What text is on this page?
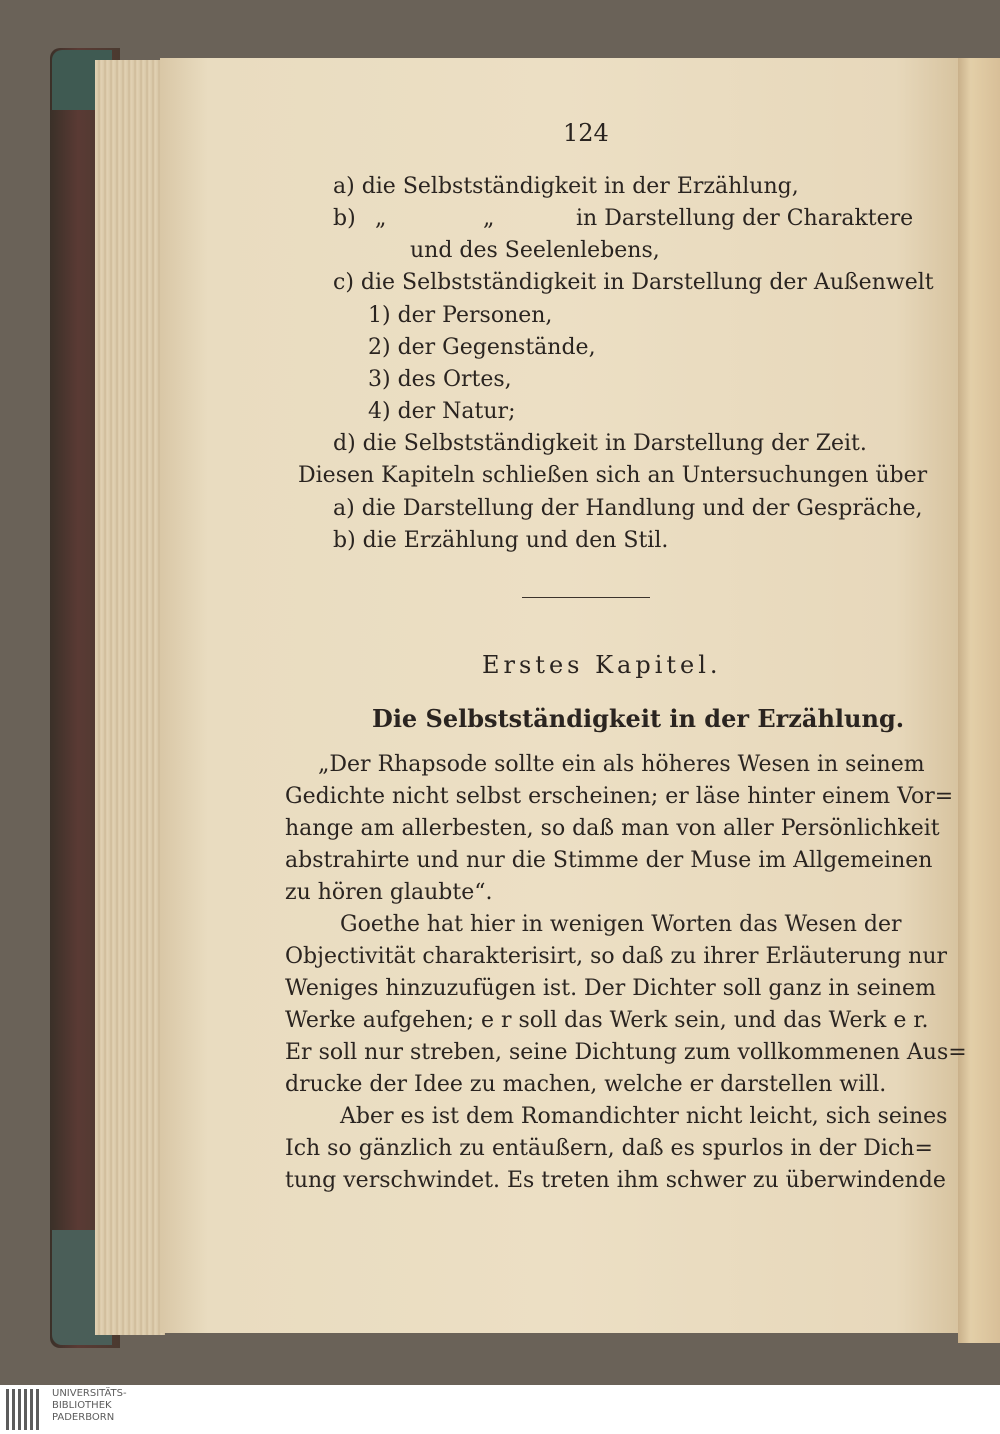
124
a) die Selbstständigkeit in der Erzählung,
b) „	„	in Darstellung der Charaktere
und des Seelenlebens,
c) die Selbstständigkeit in Darstellung der Außenwelt
1) der Personen,
2) der Gegenstände,
3) des Ortes,
4) der Natur;
d) die Selbstständigkeit in Darstellung der Zeit.
Diesen Kapiteln schließen sich an Untersuchungen über
a) die Darstellung der Handlung und der Gespräche,
b) die Erzählung und den Stil.
Erstes Kapitel.
Die Selbstständigkeit in der Erzählung.
„Der Rhapsode sollte ein als höheres Wesen in seinem
Gedichte nicht selbst erscheinen; er läse hinter einem Vor=
hange am allerbesten, so daß man von aller Persönlichkeit
abstrahirte und nur die Stimme der Muse im Allgemeinen
zu hören glaubte“.
Goethe hat hier in wenigen Worten das Wesen der
Objectivität charakterisirt, so daß zu ihrer Erläuterung nur
Weniges hinzuzufügen ist. Der Dichter soll ganz in seinem
Werke aufgehen; e r soll das Werk sein, und das Werk e r.
Er soll nur streben, seine Dichtung zum vollkommenen Aus=
drucke der Idee zu machen, welche er darstellen will.
Aber es ist dem Romandichter nicht leicht, sich seines
Ich so gänzlich zu entäußern, daß es spurlos in der Dich=
tung verschwindet. Es treten ihm schwer zu überwindende
UNIVERSITÄTS-
BIBLIOTHEK
PADERBORN
